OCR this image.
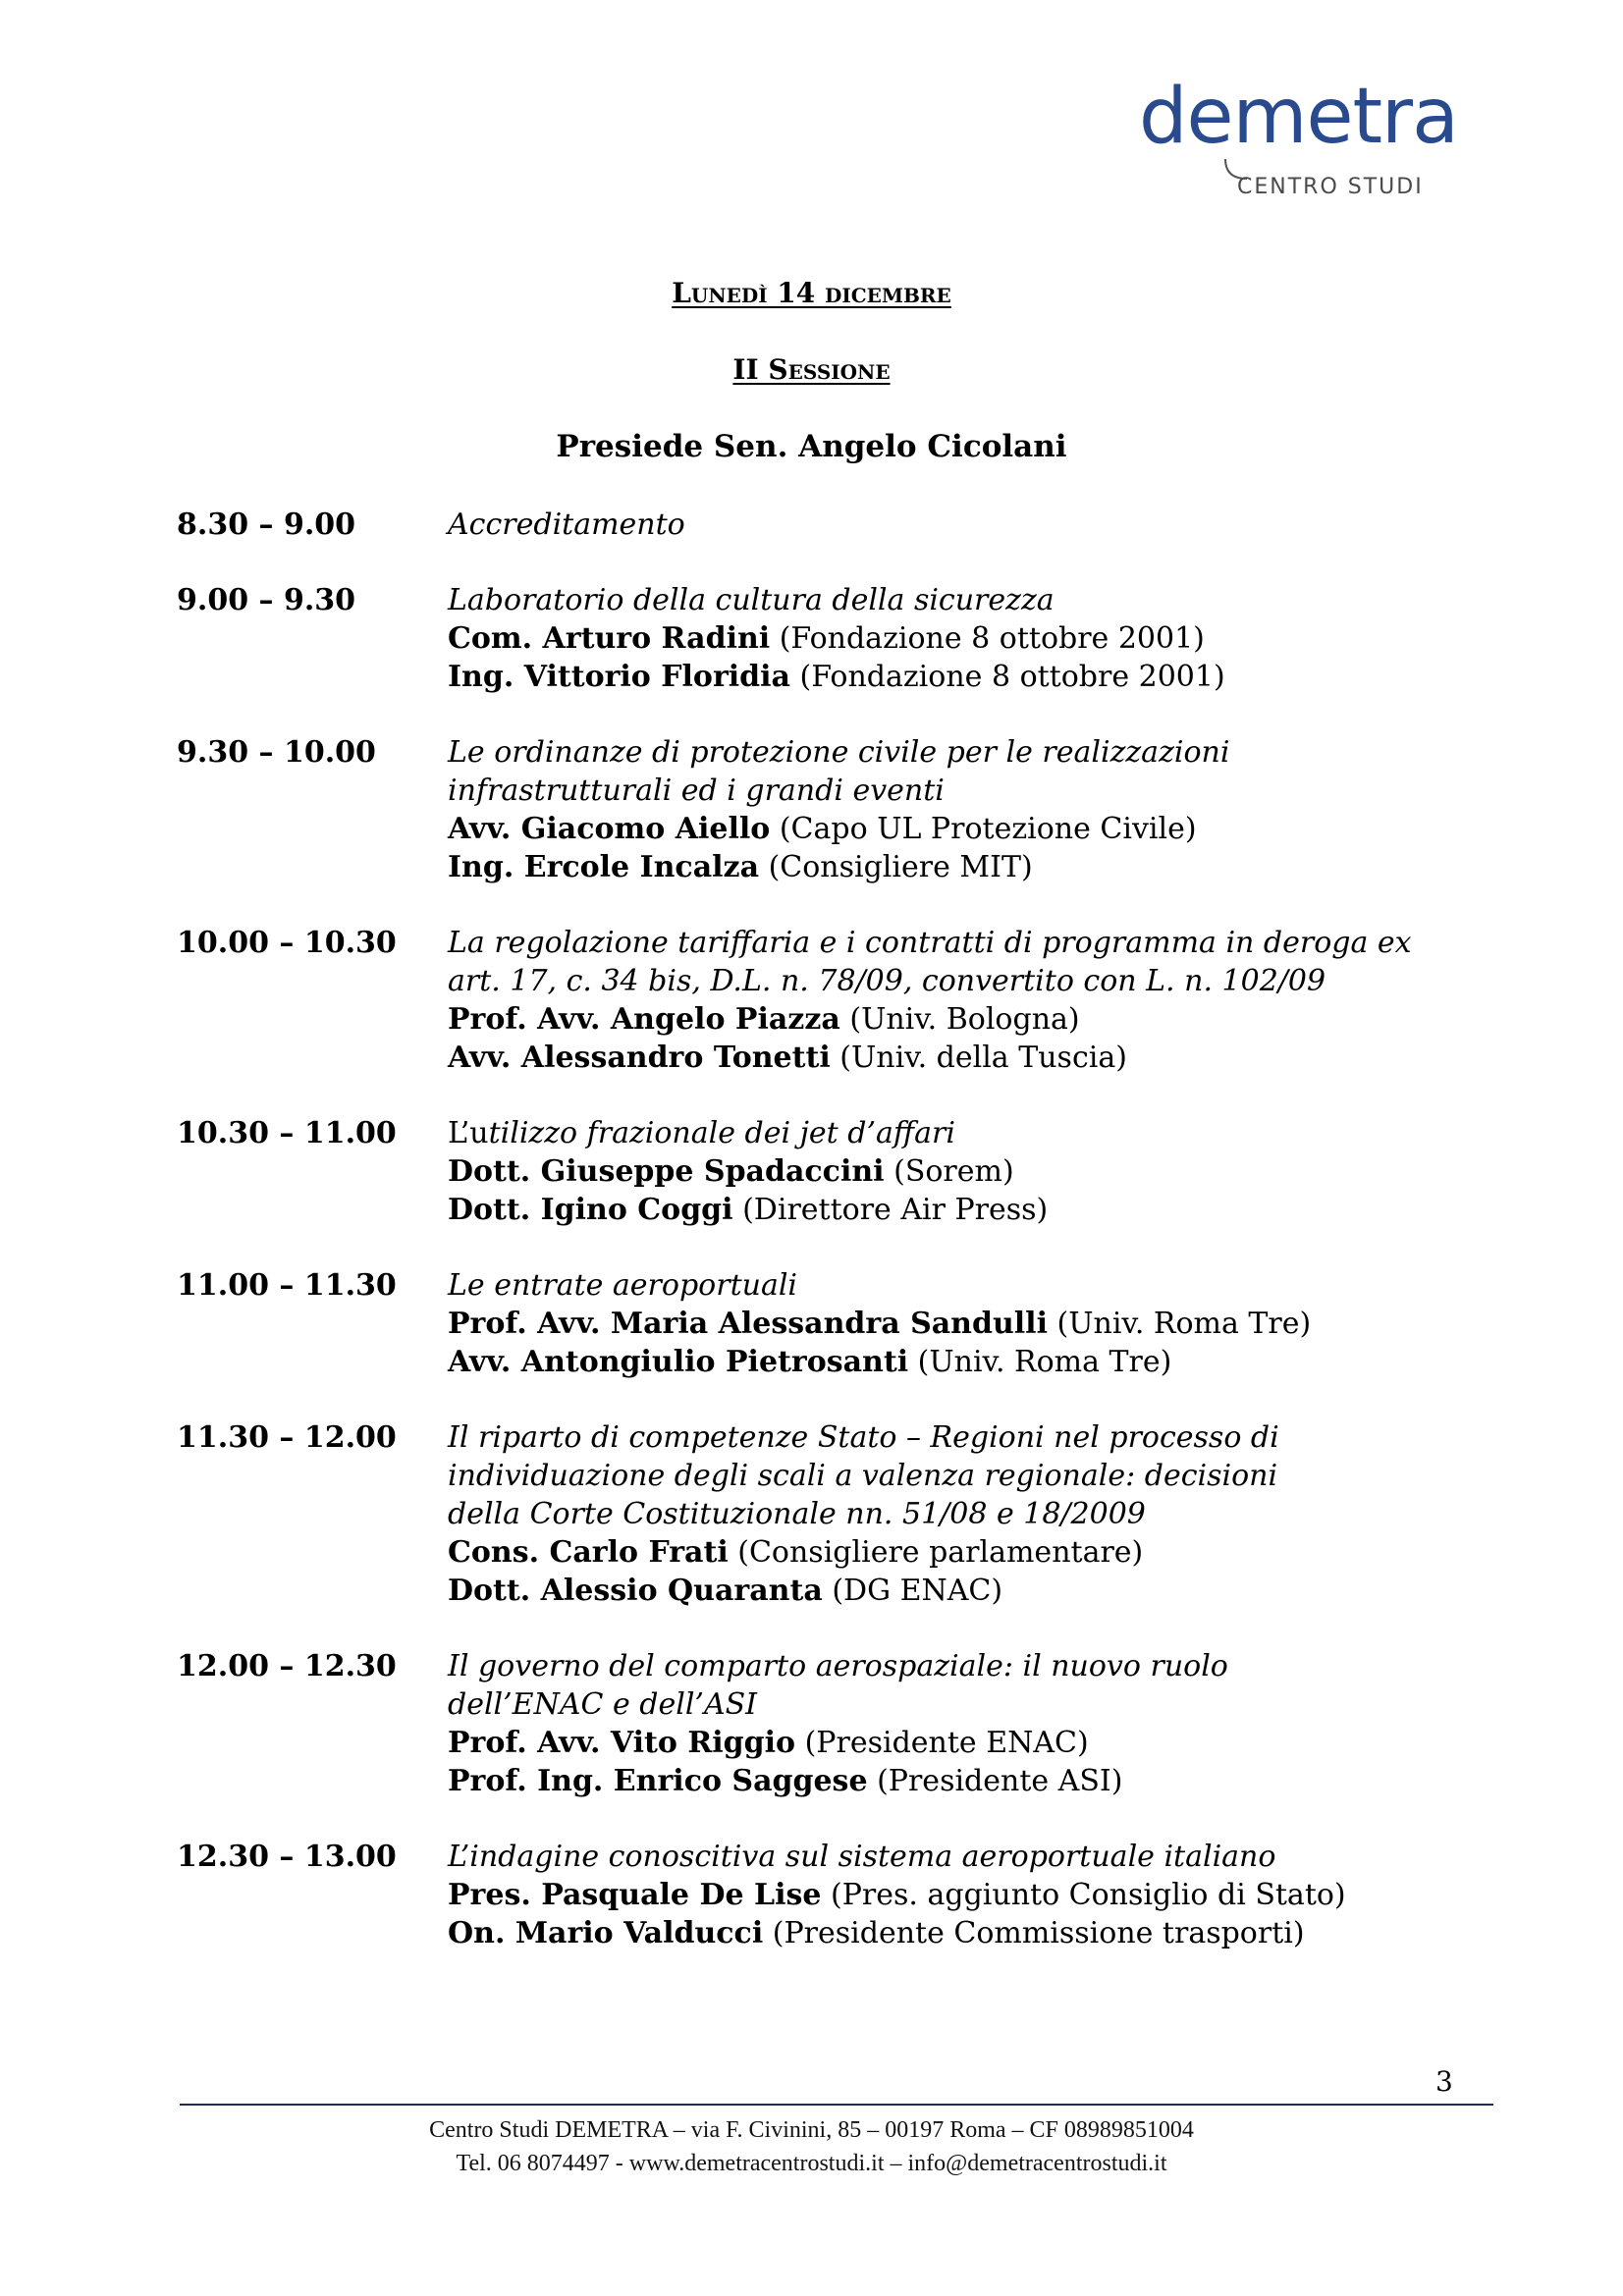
demetra
CENTRO STUDI
Lunedì 14 dicembre
II Sessione
Presiede Sen. Angelo Cicolani
8.30 – 9.00	Accreditamento
9.00 – 9.30	Laboratorio della cultura della sicurezza
Com. Arturo Radini (Fondazione 8 ottobre 2001)
Ing. Vittorio Floridia (Fondazione 8 ottobre 2001)
9.30 – 10.00	Le ordinanze di protezione civile per le realizzazioni
infrastrutturali ed i grandi eventi
Avv. Giacomo Aiello (Capo UL Protezione Civile)
Ing. Ercole Incalza (Consigliere MIT)
10.00 – 10.30	La regolazione tariffaria e i contratti di programma in deroga ex
art. 17, c. 34 bis, D.L. n. 78/09, convertito con L. n. 102/09
Prof. Avv. Angelo Piazza (Univ. Bologna)
Avv. Alessandro Tonetti (Univ. della Tuscia)
10.30 – 11.00	L’utilizzo frazionale dei jet d’affari
Dott. Giuseppe Spadaccini (Sorem)
Dott. Igino Coggi (Direttore Air Press)
11.00 – 11.30	Le entrate aeroportuali
Prof. Avv. Maria Alessandra Sandulli (Univ. Roma Tre)
Avv. Antongiulio Pietrosanti (Univ. Roma Tre)
11.30 – 12.00	Il riparto di competenze Stato – Regioni nel processo di
individuazione degli scali a valenza regionale: decisioni
della Corte Costituzionale nn. 51/08 e 18/2009
Cons. Carlo Frati (Consigliere parlamentare)
Dott. Alessio Quaranta (DG ENAC)
12.00 – 12.30	Il governo del comparto aerospaziale: il nuovo ruolo
dell’ENAC e dell’ASI
Prof. Avv. Vito Riggio (Presidente ENAC)
Prof. Ing. Enrico Saggese (Presidente ASI)
12.30 – 13.00	L’indagine conoscitiva sul sistema aeroportuale italiano
Pres. Pasquale De Lise (Pres. aggiunto Consiglio di Stato)
On. Mario Valducci (Presidente Commissione trasporti)
3
Centro Studi DEMETRA – via F. Civinini, 85 – 00197 Roma – CF 08989851004
Tel. 06 8074497 - www.demetracentrostudi.it – info@demetracentrostudi.it
